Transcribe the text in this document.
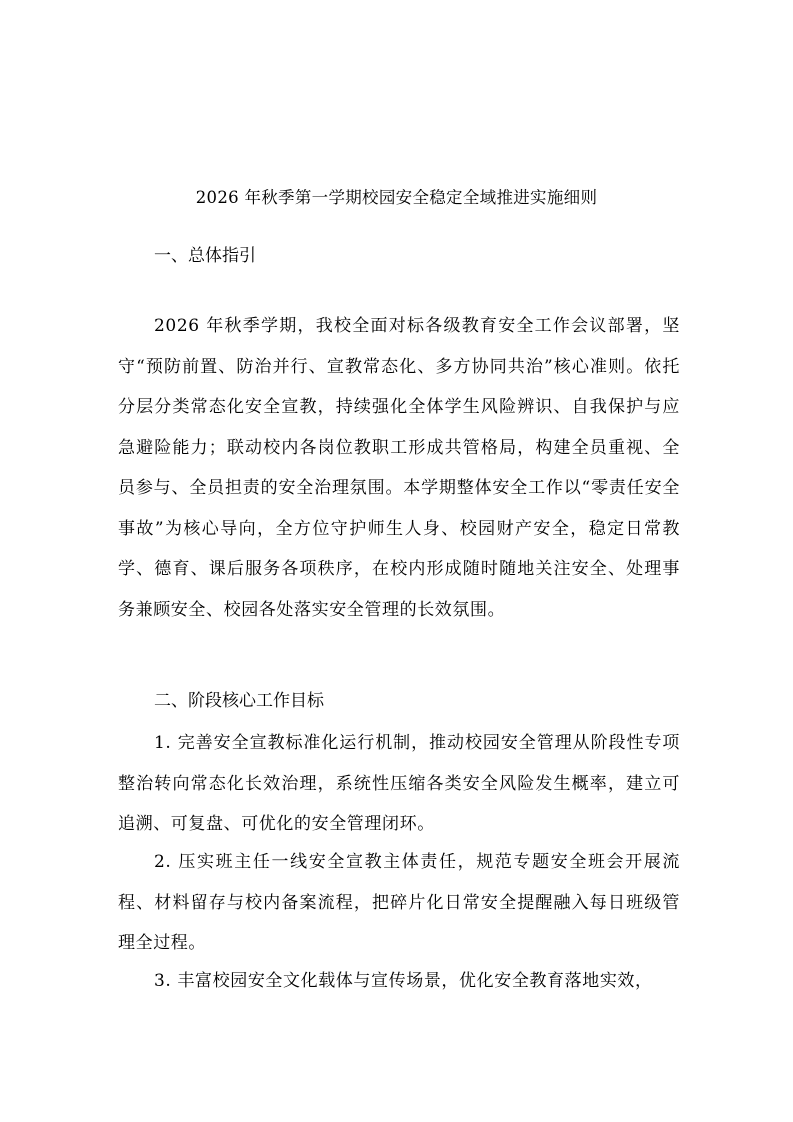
2026 年秋季第一学期校园安全稳定全域推进实施细则
一、总体指引

2026 年秋季学期，我校全面对标各级教育安全工作会议部署，坚守“预防前置、防治并行、宣教常态化、多方协同共治”核心准则。依托分层分类常态化安全宣教，持续强化全体学生风险辨识、自我保护与应急避险能力；联动校内各岗位教职工形成共管格局，构建全员重视、全员参与、全员担责的安全治理氛围。本学期整体安全工作以“零责任安全事故”为核心导向，全方位守护师生人身、校园财产安全，稳定日常教学、德育、课后服务各项秩序，在校内形成随时随地关注安全、处理事务兼顾安全、校园各处落实安全管理的长效氛围。

二、阶段核心工作目标

1. 完善安全宣教标准化运行机制，推动校园安全管理从阶段性专项整治转向常态化长效治理，系统性压缩各类安全风险发生概率，建立可追溯、可复盘、可优化的安全管理闭环。

2. 压实班主任一线安全宣教主体责任，规范专题安全班会开展流程、材料留存与校内备案流程，把碎片化日常安全提醒融入每日班级管理全过程。

3. 丰富校园安全文化载体与宣传场景，优化安全教育落地实效，
